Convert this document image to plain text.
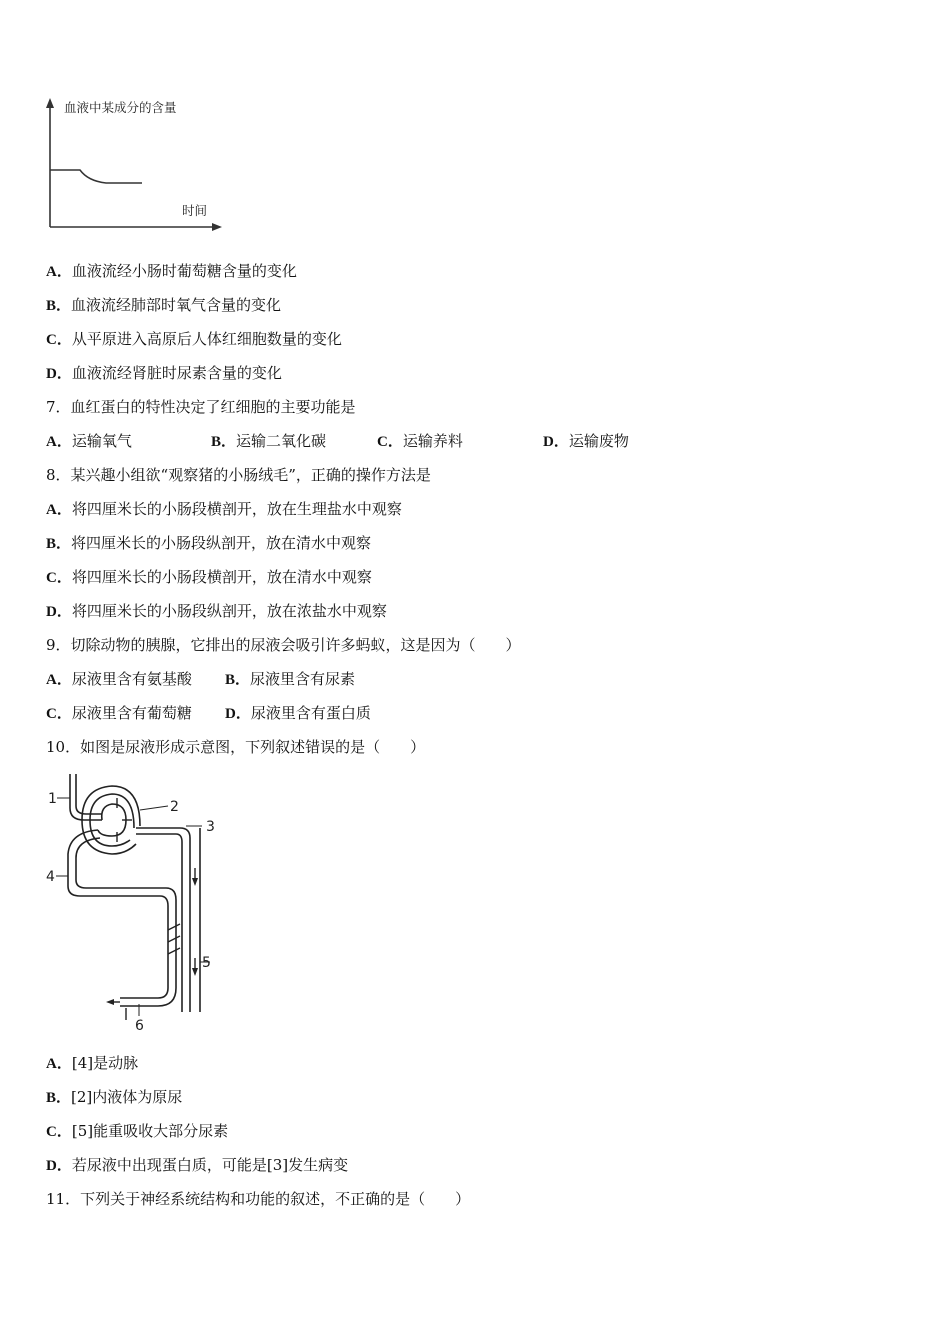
血液中某成分的含量
时间
A．血液流经小肠时葡萄糖含量的变化
B．血液流经肺部时氧气含量的变化
C．从平原进入高原后人体红细胞数量的变化
D．血液流经肾脏时尿素含量的变化
7．血红蛋白的特性决定了红细胞的主要功能是
A．运输氧气	B．运输二氧化碳	C．运输养料	D．运输废物
8．某兴趣小组欲“观察猪的小肠绒毛”，正确的操作方法是
A．将四厘米长的小肠段横剖开，放在生理盐水中观察
B．将四厘米长的小肠段纵剖开，放在清水中观察
C．将四厘米长的小肠段横剖开，放在清水中观察
D．将四厘米长的小肠段纵剖开，放在浓盐水中观察
9．切除动物的胰腺，它排出的尿液会吸引许多蚂蚁，这是因为（　　）
A．尿液里含有氨基酸 B．尿液里含有尿素
C．尿液里含有葡萄糖 D．尿液里含有蛋白质
10．如图是尿液形成示意图，下列叙述错误的是（　　）
1	2
3
4
5
6
A．[4]是动脉
B．[2]内液体为原尿
C．[5]能重吸收大部分尿素
D．若尿液中出现蛋白质，可能是[3]发生病变
11．下列关于神经系统结构和功能的叙述，不正确的是（　　）
